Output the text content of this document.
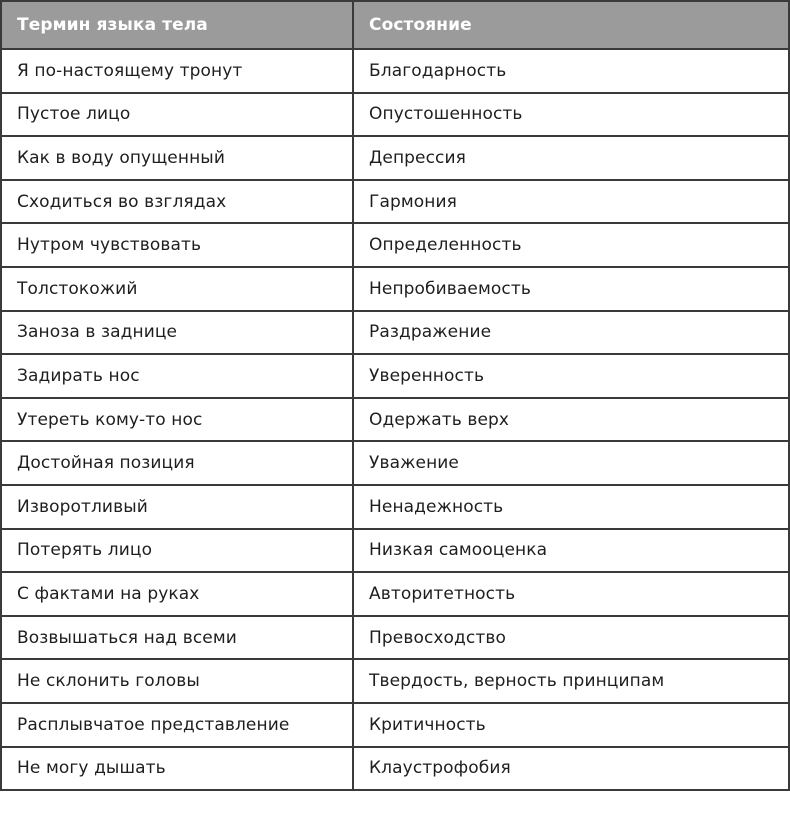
Термин языка тела	Состояние
Я по-настоящему тронут	Благодарность
Пустое лицо	Опустошенность
Как в воду опущенный	Депрессия
Сходиться во взглядах	Гармония
Нутром чувствовать	Определенность
Толстокожий	Непробиваемость
Заноза в заднице	Раздражение
Задирать нос	Уверенность
Утереть кому-то нос	Одержать верх
Достойная позиция	Уважение
Изворотливый	Ненадежность
Потерять лицо	Низкая самооценка
С фактами на руках	Авторитетность
Возвышаться над всеми	Превосходство
Не склонить головы	Твердость, верность принципам
Расплывчатое представление	Критичность
Не могу дышать	Клаустрофобия
